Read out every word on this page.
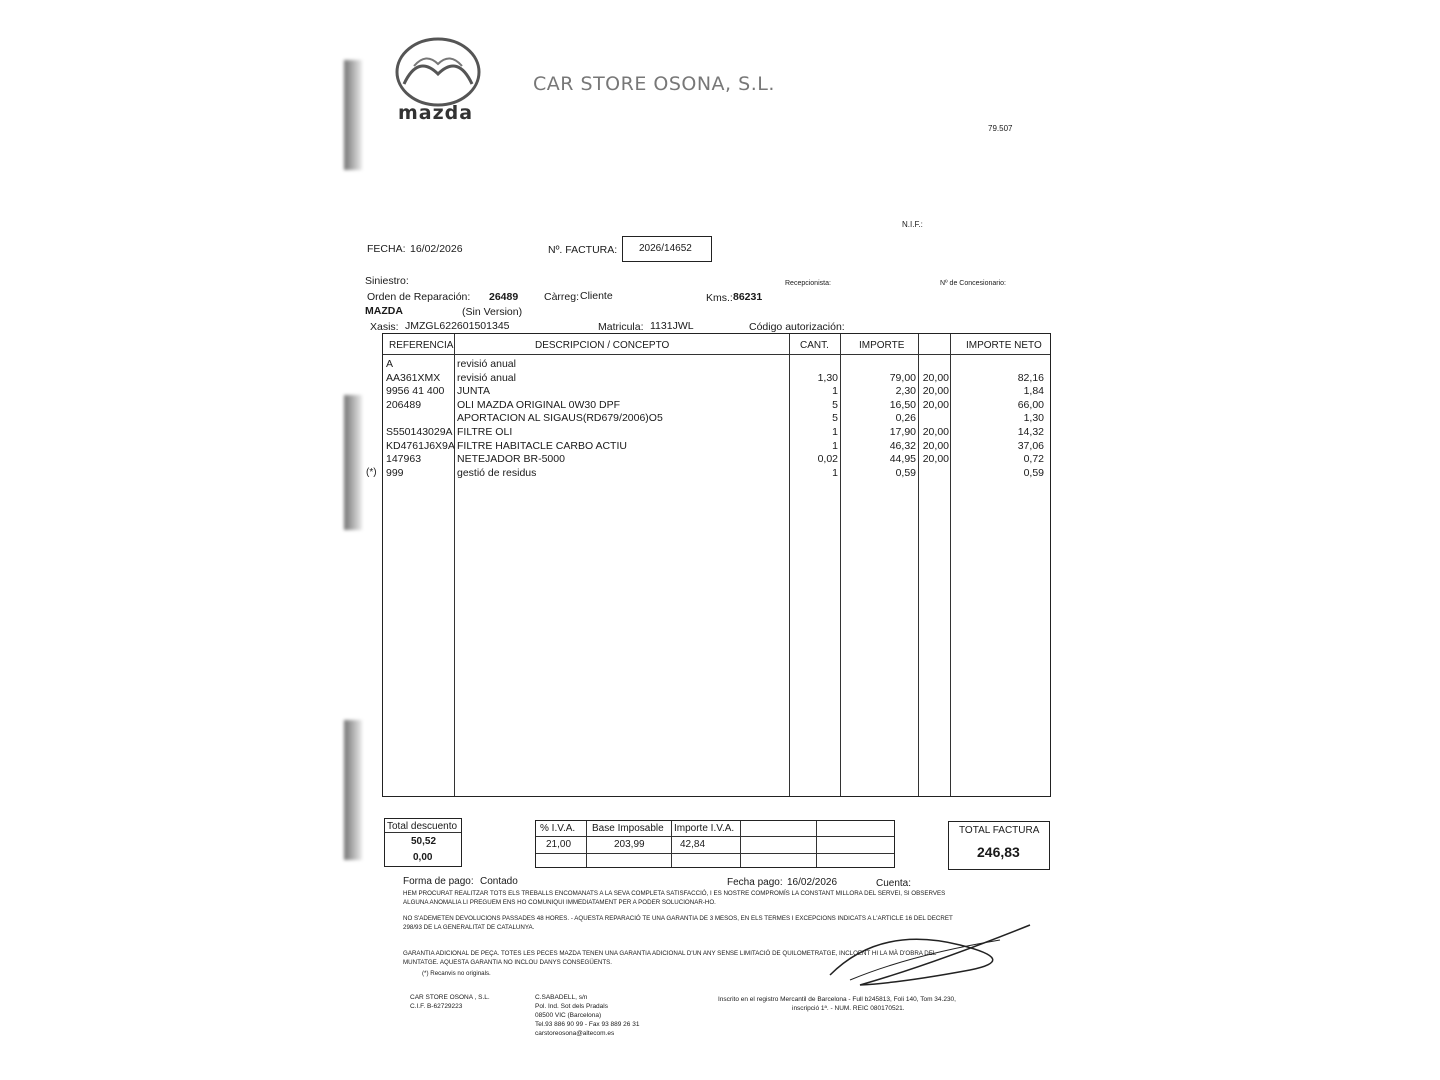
mazda
CAR STORE OSONA, S.L.
79.507
N.I.F.:
FECHA: 16/02/2026	Nº. FACTURA: 2026/14652
Siniestro:	Recepcionista:	Nº de Concesionario:
Orden de Reparación: 26489 Càrreg: Cliente	Kms.: 86231
MAZDA	(Sin Version)
Xasis: JMZGL622601501345	Matricula: 1131JWL	Código autorización:
REFERENCIA	DESCRIPCION / CONCEPTO	CANT.	IMPORTE	IMPORTE NETO
A	revisió anual
AA361XMX revisió anual	1,30	79,00 20,00	82,16
9956 41 400 JUNTA	1	2,30 20,00	1,84
206489	OLI MAZDA ORIGINAL 0W30 DPF	5	16,50 20,00	66,00
APORTACION AL SIGAUS(RD679/2006)O5	5	0,26	1,30
S550143029A FILTRE OLI	1	17,90 20,00	14,32
KD4761J6X9A FILTRE HABITACLE CARBO ACTIU	1	46,32 20,00	37,06
147963	NETEJADOR BR-5000	0,02	44,95 20,00	0,72
999	gestió de residus	1	0,59	0,59
(*)
Total descuento
50,52
0,00
% I.V.A. Base Imposable Importe I.V.A.
21,00	203,99	42,84
TOTAL FACTURA
246,83
Forma de pago: Contado	Fecha pago: 16/02/2026	Cuenta:
HEM PROCURAT REALITZAR TOTS ELS TREBALLS ENCOMANATS A LA SEVA COMPLETA SATISFACCIÓ, I ES NOSTRE COMPROMÍS LA CONSTANT MILLORA DEL SERVEI, SI OBSERVES
ALGUNA ANOMALIA LI PREGUEM ENS HO COMUNIQUI IMMEDIATAMENT PER A PODER SOLUCIONAR-HO.
NO S'ADEMETEN DEVOLUCIONS PASSADES 48 HORES. - AQUESTA REPARACIÓ TE UNA GARANTIA DE 3 MESOS, EN ELS TERMES I EXCEPCIONS INDICATS A L'ARTICLE 16 DEL DECRET
298/93 DE LA GENERALITAT DE CATALUNYA.
GARANTIA ADICIONAL DE PEÇA. TOTES LES PECES MAZDA TENEN UNA GARANTIA ADICIONAL D'UN ANY SENSE LIMITACIÓ DE QUILOMETRATGE, INCLOENT HI LA MÀ D'OBRA DEL
MUNTATGE. AQUESTA GARANTIA NO INCLOU DANYS CONSEGÜENTS.
(*) Recanvis no originals.
CAR STORE OSONA , S.L.
C.I.F. B-62729223
C.SABADELL, s/n
Pol. Ind. Sot dels Pradals
08500 VIC (Barcelona)
Tel.93 886 90 99 - Fax 93 889 26 31
carstoreosona@altecom.es
Inscrito en el registro Mercantil de Barcelona - Full b245813, Foli 140, Tom 34.230,
inscripció 1ª. - NUM. REIC 080170521.
